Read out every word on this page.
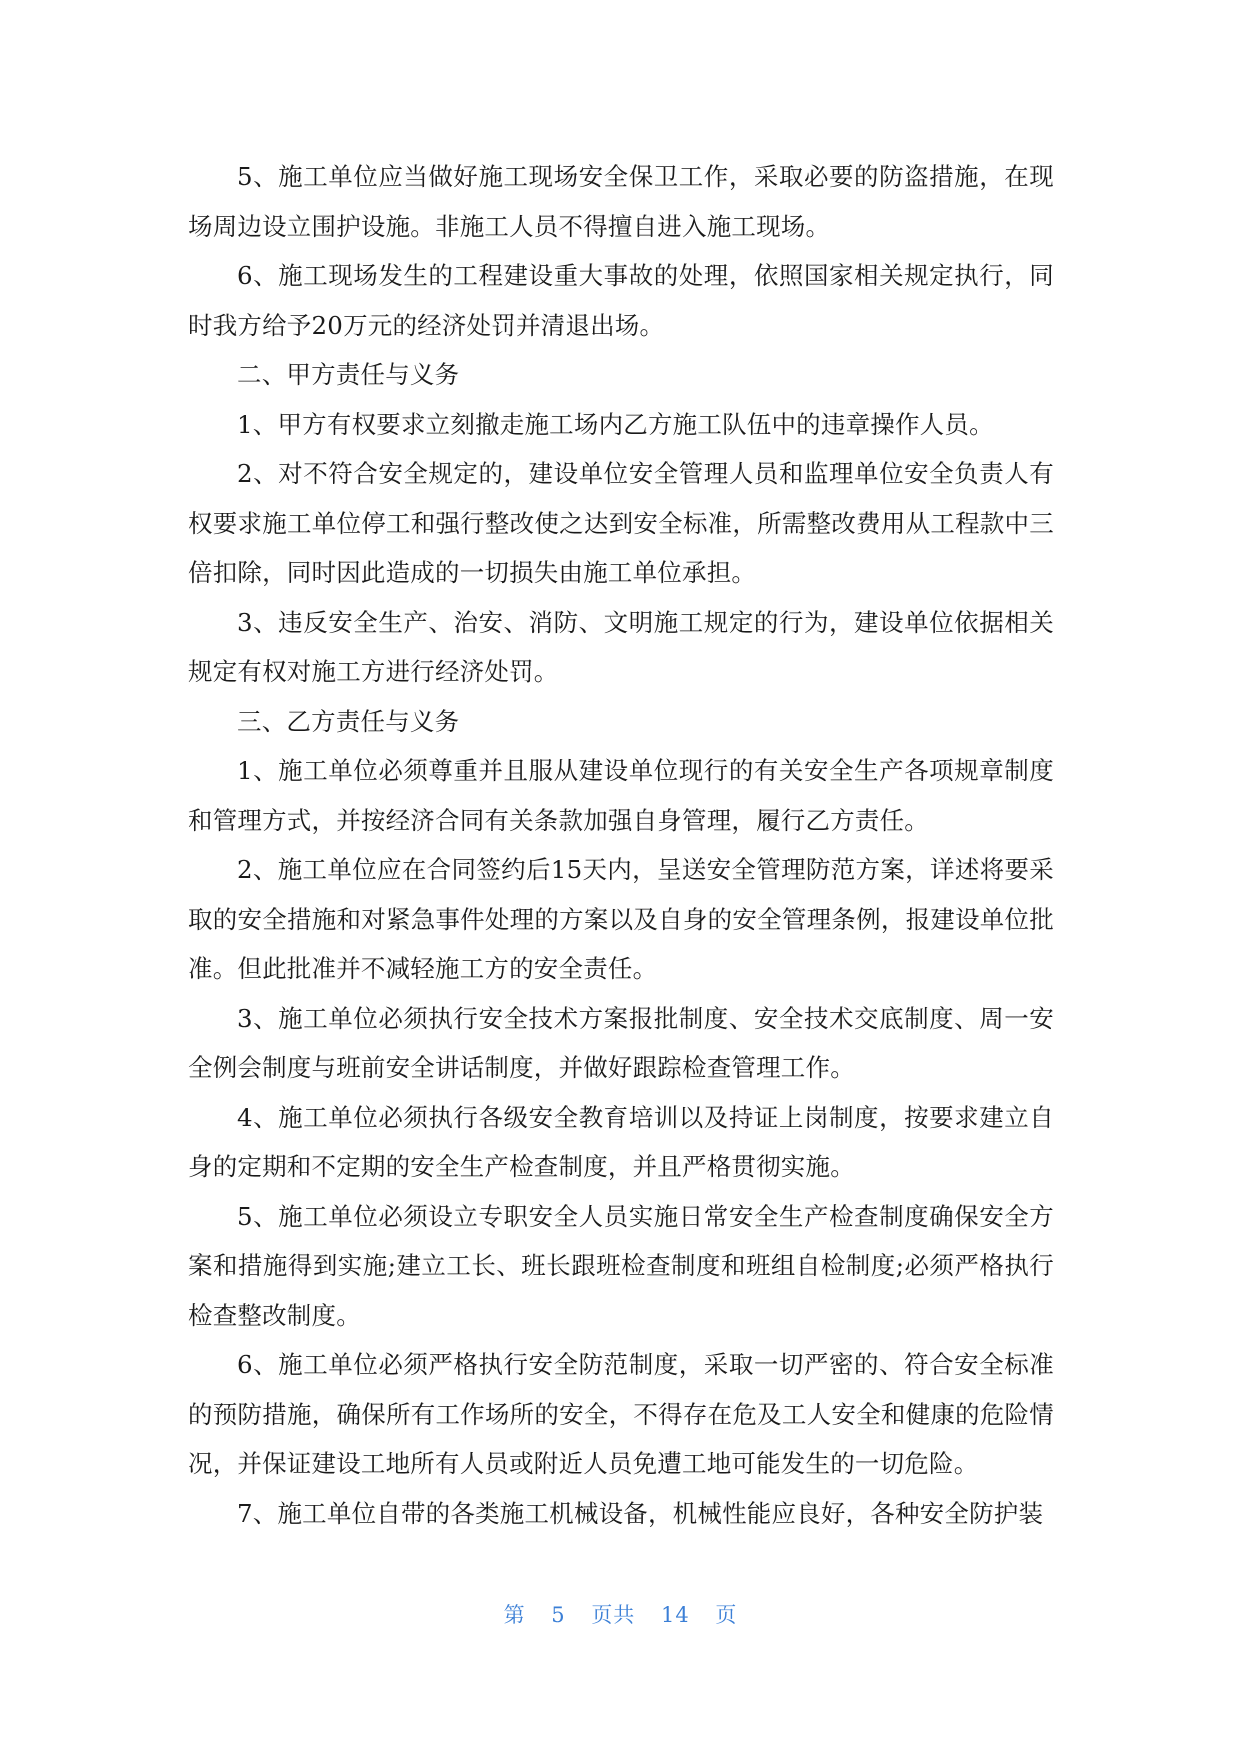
5、施工单位应当做好施工现场安全保卫工作，采取必要的防盗措施，在现场周边设立围护设施。非施工人员不得擅自进入施工现场。

6、施工现场发生的工程建设重大事故的处理，依照国家相关规定执行，同时我方给予20万元的经济处罚并清退出场。

二、甲方责任与义务

1、甲方有权要求立刻撤走施工场内乙方施工队伍中的违章操作人员。

2、对不符合安全规定的，建设单位安全管理人员和监理单位安全负责人有权要求施工单位停工和强行整改使之达到安全标准，所需整改费用从工程款中三倍扣除，同时因此造成的一切损失由施工单位承担。

3、违反安全生产、治安、消防、文明施工规定的行为，建设单位依据相关规定有权对施工方进行经济处罚。

三、乙方责任与义务

1、施工单位必须尊重并且服从建设单位现行的有关安全生产各项规章制度和管理方式，并按经济合同有关条款加强自身管理，履行乙方责任。

2、施工单位应在合同签约后15天内，呈送安全管理防范方案，详述将要采取的安全措施和对紧急事件处理的方案以及自身的安全管理条例，报建设单位批准。但此批准并不减轻施工方的安全责任。

3、施工单位必须执行安全技术方案报批制度、安全技术交底制度、周一安全例会制度与班前安全讲话制度，并做好跟踪检查管理工作。

4、施工单位必须执行各级安全教育培训以及持证上岗制度，按要求建立自身的定期和不定期的安全生产检查制度，并且严格贯彻实施。

5、施工单位必须设立专职安全人员实施日常安全生产检查制度确保安全方案和措施得到实施;建立工长、班长跟班检查制度和班组自检制度;必须严格执行检查整改制度。

6、施工单位必须严格执行安全防范制度，采取一切严密的、符合安全标准的预防措施，确保所有工作场所的安全，不得存在危及工人安全和健康的危险情况，并保证建设工地所有人员或附近人员免遭工地可能发生的一切危险。

7、施工单位自带的各类施工机械设备，机械性能应良好，各种安全防护装

第 5 页共 14 页
